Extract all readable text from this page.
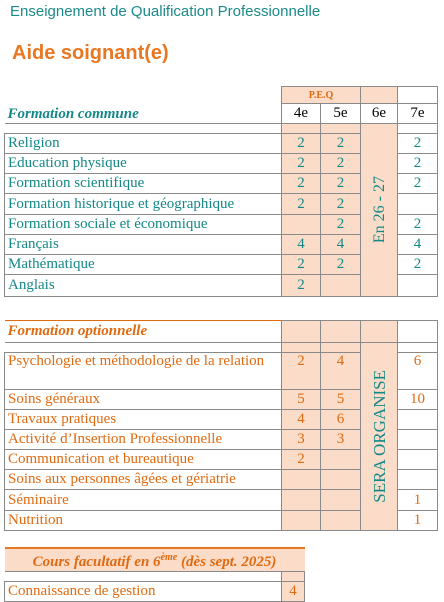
Enseignement de Qualification Professionnelle
Aide soignant(e)
Formation commune	P.E.Q			
	4e	5e	6e	7e

			En 26 - 27	

Religion	2	2		2
Education physique	2	2		2
Formation scientifique	2	2		2
Formation historique et géographique	2	2		
Formation sociale et économique		2		2
Français	4	4		4
Mathématique	2	2		2
Anglais	2			
Formation optionnelle				

			SERA ORGANISE	

Psychologie et méthodologie de la relation	2	4		6
Soins généraux	5	5		10
Travaux pratiques	4	6		
Activité d’Insertion Professionnelle	3	3		
Communication et bureautique	2			
Soins aux personnes âgées et gériatrie				
Séminaire				1
Nutrition				1
Cours facultatif en 6ème (dès sept. 2025)	

Connaissance de gestion	4
